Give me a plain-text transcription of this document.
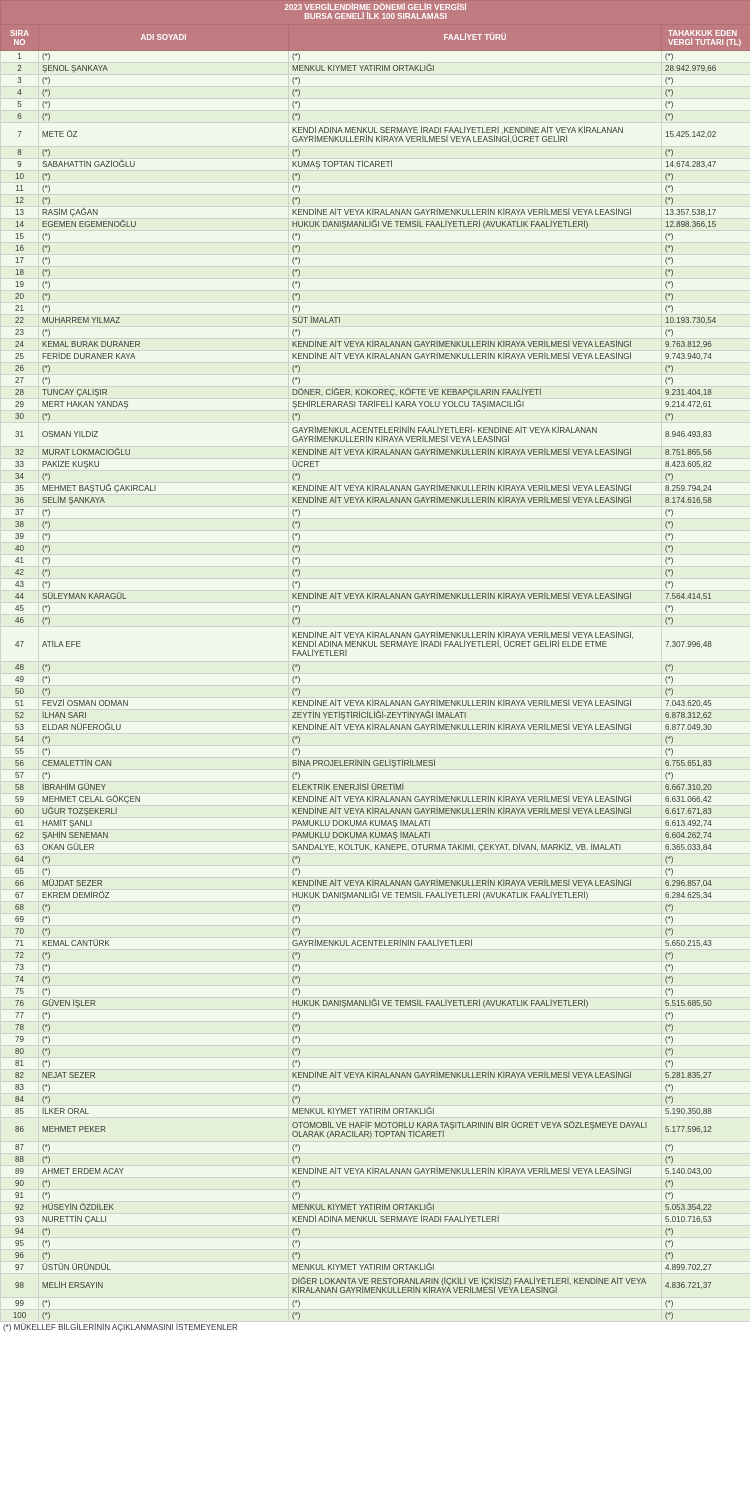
2023 VERGİLENDİRME DÖNEMİ GELİR VERGİSİ
BURSA GENELİ İLK 100 SIRALAMASI			
SIRA NO	ADI SOYADI	FAALİYET TÜRÜ	TAHAKKUK EDEN VERGİ TUTARI (TL)
1	(*)	(*)	(*)
2	ŞENOL ŞANKAYA	MENKUL KIYMET YATIRIM ORTAKLIĞI	28.942.979,66
3	(*)	(*)	(*)
4	(*)	(*)	(*)
5	(*)	(*)	(*)
6	(*)	(*)	(*)
7	METE ÖZ	KENDİ ADINA MENKUL SERMAYE İRADI FAALİYETLERİ ,KENDİNE AİT VEYA KİRALANAN GAYRİMENKULLERİN KİRAYA VERİLMESİ VEYA LEASİNGİ,ÜCRET GELİRİ	15.425.142,02
8	(*)	(*)	(*)
9	SABAHATTİN GAZİOĞLU	KUMAŞ TOPTAN TİCARETİ	14.674.283,47
10	(*)	(*)	(*)
11	(*)	(*)	(*)
12	(*)	(*)	(*)
13	RASİM ÇAĞAN	KENDİNE AİT VEYA KİRALANAN GAYRİMENKULLERİN KİRAYA VERİLMESİ VEYA LEASİNGİ	13.357.538,17
14	EGEMEN EGEMENOĞLU	HUKUK DANIŞMANLIĞI VE TEMSİL FAALİYETLERİ (AVUKATLIK FAALİYETLERİ)	12.898.366,15
15	(*)	(*)	(*)
16	(*)	(*)	(*)
17	(*)	(*)	(*)
18	(*)	(*)	(*)
19	(*)	(*)	(*)
20	(*)	(*)	(*)
21	(*)	(*)	(*)
22	MUHARREM YILMAZ	SÜT İMALATI	10.193.730,54
23	(*)	(*)	(*)
24	KEMAL BURAK DURANER	KENDİNE AİT VEYA KİRALANAN GAYRİMENKULLERİN KİRAYA VERİLMESİ VEYA LEASİNGİ	9.763.812,96
25	FERİDE DURANER KAYA	KENDİNE AİT VEYA KİRALANAN GAYRİMENKULLERİN KİRAYA VERİLMESİ VEYA LEASİNGİ	9.743.940,74
26	(*)	(*)	(*)
27	(*)	(*)	(*)
28	TUNCAY ÇALIŞIR	DÖNER, CİĞER, KOKOREÇ, KÖFTE VE KEBAPÇILARIN FAALİYETİ	9.231.404,18
29	MERT HAKAN YANDAŞ	ŞEHİRLERARASI TARİFELİ KARA YOLU YOLCU TAŞIMACILIĞI	9.214.472,61
30	(*)	(*)	(*)
31	OSMAN YILDIZ	GAYRİMENKUL ACENTELERİNİN FAALİYETLERİ- KENDİNE AİT VEYA KİRALANAN GAYRİMENKULLERİN KİRAYA VERİLMESİ VEYA LEASİNGİ	8.946.493,83
32	MURAT LOKMACIOĞLU	KENDİNE AİT VEYA KİRALANAN GAYRİMENKULLERİN KİRAYA VERİLMESİ VEYA LEASİNGİ	8.751.865,56
33	PAKİZE KUŞKU	ÜCRET	8.423.605,82
34	(*)	(*)	(*)
35	MEHMET BAŞTUĞ ÇAKIRCALI	KENDİNE AİT VEYA KİRALANAN GAYRİMENKULLERİN KİRAYA VERİLMESİ VEYA LEASİNGİ	8.259.794,24
36	SELİM ŞANKAYA	KENDİNE AİT VEYA KİRALANAN GAYRİMENKULLERİN KİRAYA VERİLMESİ VEYA LEASİNGİ	8.174.616,58
37	(*)	(*)	(*)
38	(*)	(*)	(*)
39	(*)	(*)	(*)
40	(*)	(*)	(*)
41	(*)	(*)	(*)
42	(*)	(*)	(*)
43	(*)	(*)	(*)
44	SÜLEYMAN KARAGÜL	KENDİNE AİT VEYA KİRALANAN GAYRİMENKULLERİN KİRAYA VERİLMESİ VEYA LEASİNGİ	7.564.414,51
45	(*)	(*)	(*)
46	(*)	(*)	(*)
47	ATİLA EFE	KENDİNE AİT VEYA KİRALANAN GAYRİMENKULLERİN KİRAYA VERİLMESİ VEYA LEASİNGİ, KENDİ ADINA MENKUL SERMAYE İRADI FAALİYETLERİ, ÜCRET GELİRİ ELDE ETME FAALİYETLERİ	7.307.996,48
48	(*)	(*)	(*)
49	(*)	(*)	(*)
50	(*)	(*)	(*)
51	FEVZİ OSMAN ODMAN	KENDİNE AİT VEYA KİRALANAN GAYRİMENKULLERİN KİRAYA VERİLMESİ VEYA LEASİNGİ	7.043.620,45
52	İLHAN SARI	ZEYTİN YETİŞTİRİCİLİĞİ-ZEYTİNYAĞI İMALATI	6.878.312,62
53	ELDAR NÜFEROĞLU	KENDİNE AİT VEYA KİRALANAN GAYRİMENKULLERİN KİRAYA VERİLMESİ VEYA LEASİNGİ	6.877.049,30
54	(*)	(*)	(*)
55	(*)	(*)	(*)
56	CEMALETTİN CAN	BİNA PROJELERİNİN GELİŞTİRİLMESİ	6.755.651,83
57	(*)	(*)	(*)
58	İBRAHİM GÜNEY	ELEKTRİK ENERJİSİ ÜRETİMİ	6.667.310,20
59	MEHMET CELAL GÖKÇEN	KENDİNE AİT VEYA KİRALANAN GAYRİMENKULLERİN KİRAYA VERİLMESİ VEYA LEASİNGİ	6.631.066,42
60	UĞUR TOZŞEKERLİ	KENDİNE AİT VEYA KİRALANAN GAYRİMENKULLERİN KİRAYA VERİLMESİ VEYA LEASİNGİ	6.617.671,83
61	HAMİT ŞANLI	PAMUKLU DOKUMA KUMAŞ İMALATI	6.613.492,74
62	ŞAHİN SENEMAN	PAMUKLU DOKUMA KUMAŞ İMALATI	6.604.262,74
63	OKAN GÜLER	SANDALYE, KOLTUK, KANEPE, OTURMA TAKIMI, ÇEKYAT, DİVAN, MARKİZ, VB. İMALATI	6.365.033,84
64	(*)	(*)	(*)
65	(*)	(*)	(*)
66	MÜJDAT SEZER	KENDİNE AİT VEYA KİRALANAN GAYRİMENKULLERİN KİRAYA VERİLMESİ VEYA LEASİNGİ	6.296.857,04
67	EKREM DEMİRÖZ	HUKUK DANIŞMANLIĞI VE TEMSİL FAALİYETLERİ (AVUKATLIK FAALİYETLERİ)	6.284.625,34
68	(*)	(*)	(*)
69	(*)	(*)	(*)
70	(*)	(*)	(*)
71	KEMAL CANTÜRK	GAYRİMENKUL ACENTELERİNİN FAALİYETLERİ	5.650.215,43
72	(*)	(*)	(*)
73	(*)	(*)	(*)
74	(*)	(*)	(*)
75	(*)	(*)	(*)
76	GÜVEN İŞLER	HUKUK DANIŞMANLIĞI VE TEMSİL FAALİYETLERİ (AVUKATLIK FAALİYETLERİ)	5.515.685,50
77	(*)	(*)	(*)
78	(*)	(*)	(*)
79	(*)	(*)	(*)
80	(*)	(*)	(*)
81	(*)	(*)	(*)
82	NEJAT SEZER	KENDİNE AİT VEYA KİRALANAN GAYRİMENKULLERİN KİRAYA VERİLMESİ VEYA LEASİNGİ	5.281.835,27
83	(*)	(*)	(*)
84	(*)	(*)	(*)
85	İLKER ORAL	MENKUL KIYMET YATIRIM ORTAKLIĞI	5.190.350,88
86	MEHMET PEKER	OTOMOBİL VE HAFİF MOTORLU KARA TAŞITLARININ BİR ÜCRET VEYA SÖZLEŞMEYE DAYALI OLARAK (ARACILAR) TOPTAN TİCARETİ	5.177.596,12
87	(*)	(*)	(*)
88	(*)	(*)	(*)
89	AHMET ERDEM ACAY	KENDİNE AİT VEYA KİRALANAN GAYRİMENKULLERİN KİRAYA VERİLMESİ VEYA LEASİNGİ	5.140.043,00
90	(*)	(*)	(*)
91	(*)	(*)	(*)
92	HÜSEYİN ÖZDİLEK	MENKUL KIYMET YATIRIM ORTAKLIĞI	5.053.354,22
93	NURETTİN ÇALLI	KENDİ ADINA MENKUL SERMAYE İRADI FAALİYETLERİ	5.010.716,53
94	(*)	(*)	(*)
95	(*)	(*)	(*)
96	(*)	(*)	(*)
97	ÜSTÜN ÜRÜNDÜL	MENKUL KIYMET YATIRIM ORTAKLIĞI	4.899.702,27
98	MELİH ERSAYIN	DİĞER LOKANTA VE RESTORANLARIN (İÇKİLİ VE İÇKİSİZ) FAALİYETLERİ, KENDİNE AİT VEYA KİRALANAN GAYRİMENKULLERİN KİRAYA VERİLMESİ VEYA LEASİNGİ	4.836.721,37
99	(*)	(*)	(*)
100	(*)	(*)	(*)
(*) MÜKELLEF BİLGİLERİNİN AÇIKLANMASINI İSTEMEYENLER
